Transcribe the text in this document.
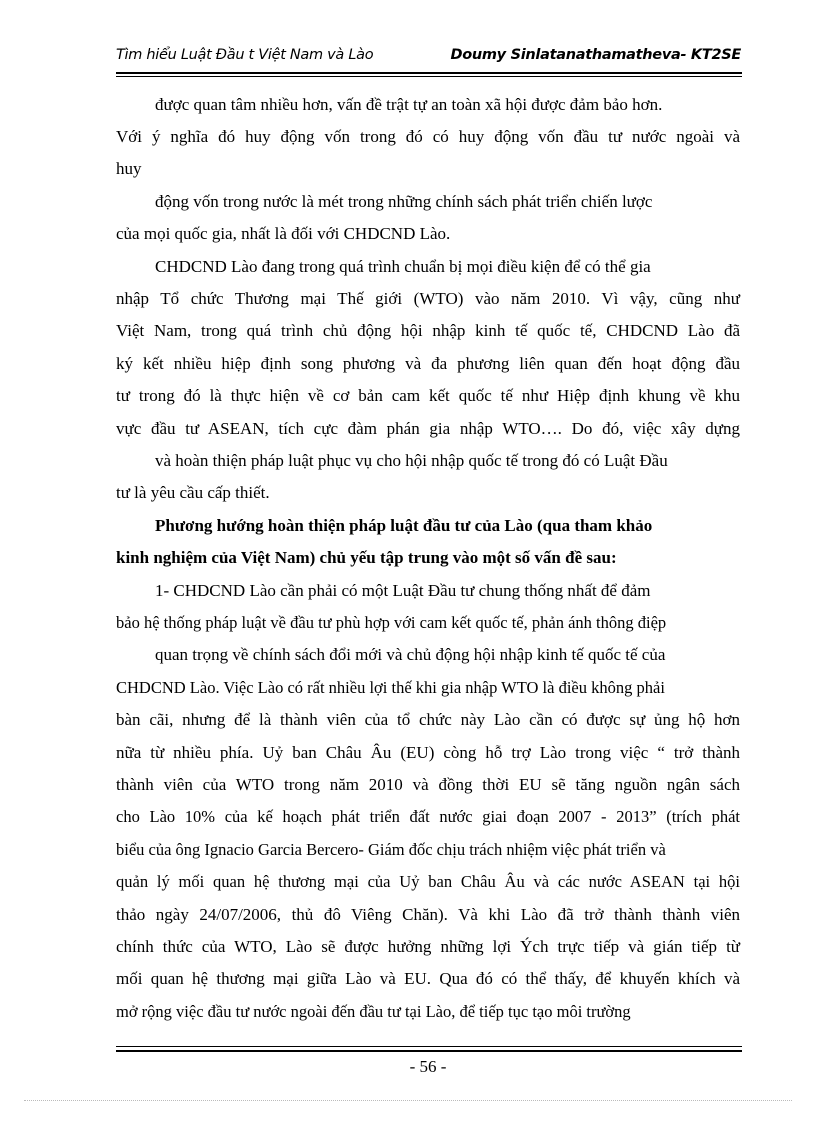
Tìm hiểu Luật Đầu t Việt Nam và Lào	Doumy Sinlatanathamatheva- KT2SE
được quan tâm nhiều hơn, vấn đề trật tự an toàn xã hội được đảm bảo hơn.
Với ý nghĩa đó huy động vốn trong đó có huy động vốn đầu tư nước ngoài và
huy
động vốn trong nước là mét trong những chính sách phát triển chiến lược
của mọi quốc gia, nhất là đối với CHDCND Lào.
CHDCND Lào đang trong quá trình chuẩn bị mọi điều kiện để có thể gia
nhập Tổ chức Thương mại Thế giới (WTO) vào năm 2010. Vì vậy, cũng như
Việt Nam, trong quá trình chủ động hội nhập kinh tế quốc tế, CHDCND Lào đã
ký kết nhiều hiệp định song phương và đa phương liên quan đến hoạt động đầu
tư trong đó là thực hiện về cơ bản cam kết quốc tế như Hiệp định khung về khu
vực đầu tư ASEAN, tích cực đàm phán gia nhập WTO…. Do đó, việc xây dựng
và hoàn thiện pháp luật phục vụ cho hội nhập quốc tế trong đó có Luật Đầu
tư là yêu cầu cấp thiết.
Phương hướng hoàn thiện pháp luật đầu tư của Lào (qua tham khảo
kinh nghiệm của Việt Nam) chủ yếu tập trung vào một số vấn đề sau:
1- CHDCND Lào cần phải có một Luật Đầu tư chung thống nhất để đảm
bảo hệ thống pháp luật về đầu tư phù hợp với cam kết quốc tế, phản ánh thông điệp
quan trọng về chính sách đổi mới và chủ động hội nhập kinh tế quốc tế của
CHDCND Lào. Việc Lào có rất nhiều lợi thế khi gia nhập WTO là điều không phải
bàn cãi, nhưng để là thành viên của tổ chức này Lào cần có được sự ủng hộ hơn
nữa từ nhiều phía. Uỷ ban Châu Âu (EU) còng hỗ trợ Lào trong việc “ trở thành
thành viên của WTO trong năm 2010 và đồng thời EU sẽ tăng nguồn ngân sách
cho Lào 10% của kế hoạch phát triển đất nước giai đoạn 2007 - 2013” (trích phát
biểu của ông Ignacio Garcia Bercero- Giám đốc chịu trách nhiệm việc phát triển và
quản lý mối quan hệ thương mại của Uỷ ban Châu Âu và các nước ASEAN tại hội
thảo ngày 24/07/2006, thủ đô Viêng Chăn). Và khi Lào đã trở thành thành viên
chính thức của WTO, Lào sẽ được hưởng những lợi Ých trực tiếp và gián tiếp từ
mối quan hệ thương mại giữa Lào và EU. Qua đó có thể thấy, để khuyến khích và
mở rộng việc đầu tư nước ngoài đến đầu tư tại Lào, để tiếp tục tạo môi trường
- 56 -
